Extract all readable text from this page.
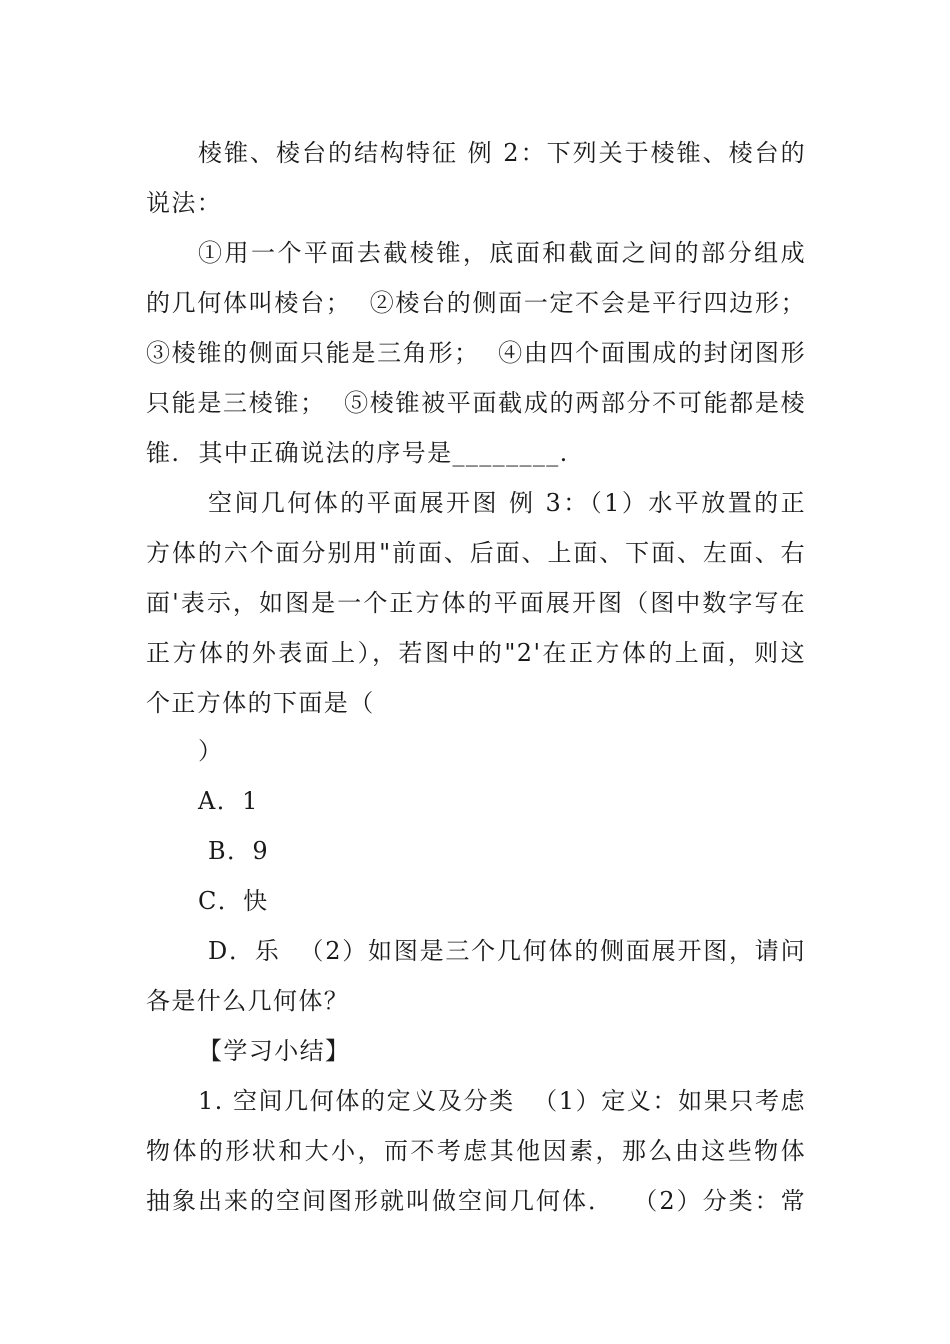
棱锥、棱台的结构特征 例 2：下列关于棱锥、棱台的
说法：
①用一个平面去截棱锥，底面和截面之间的部分组成
的几何体叫棱台；  ②棱台的侧面一定不会是平行四边形；
③棱锥的侧面只能是三角形；  ④由四个面围成的封闭图形
只能是三棱锥；  ⑤棱锥被平面截成的两部分不可能都是棱
锥.  其中正确说法的序号是________.
空间几何体的平面展开图 例 3：（1）水平放置的正
方体的六个面分别用"前面、后面、上面、下面、左面、右
面'表示，如图是一个正方体的平面展开图（图中数字写在
正方体的外表面上），若图中的"2'在正方体的上面，则这
个正方体的下面是（
）
A．1
B．9
C．快
D．乐  （2）如图是三个几何体的侧面展开图，请问
各是什么几何体？
【学习小结】
1. 空间几何体的定义及分类  （1）定义：如果只考虑
物体的形状和大小，而不考虑其他因素，那么由这些物体
抽象出来的空间图形就叫做空间几何体．  （2）分类：常
